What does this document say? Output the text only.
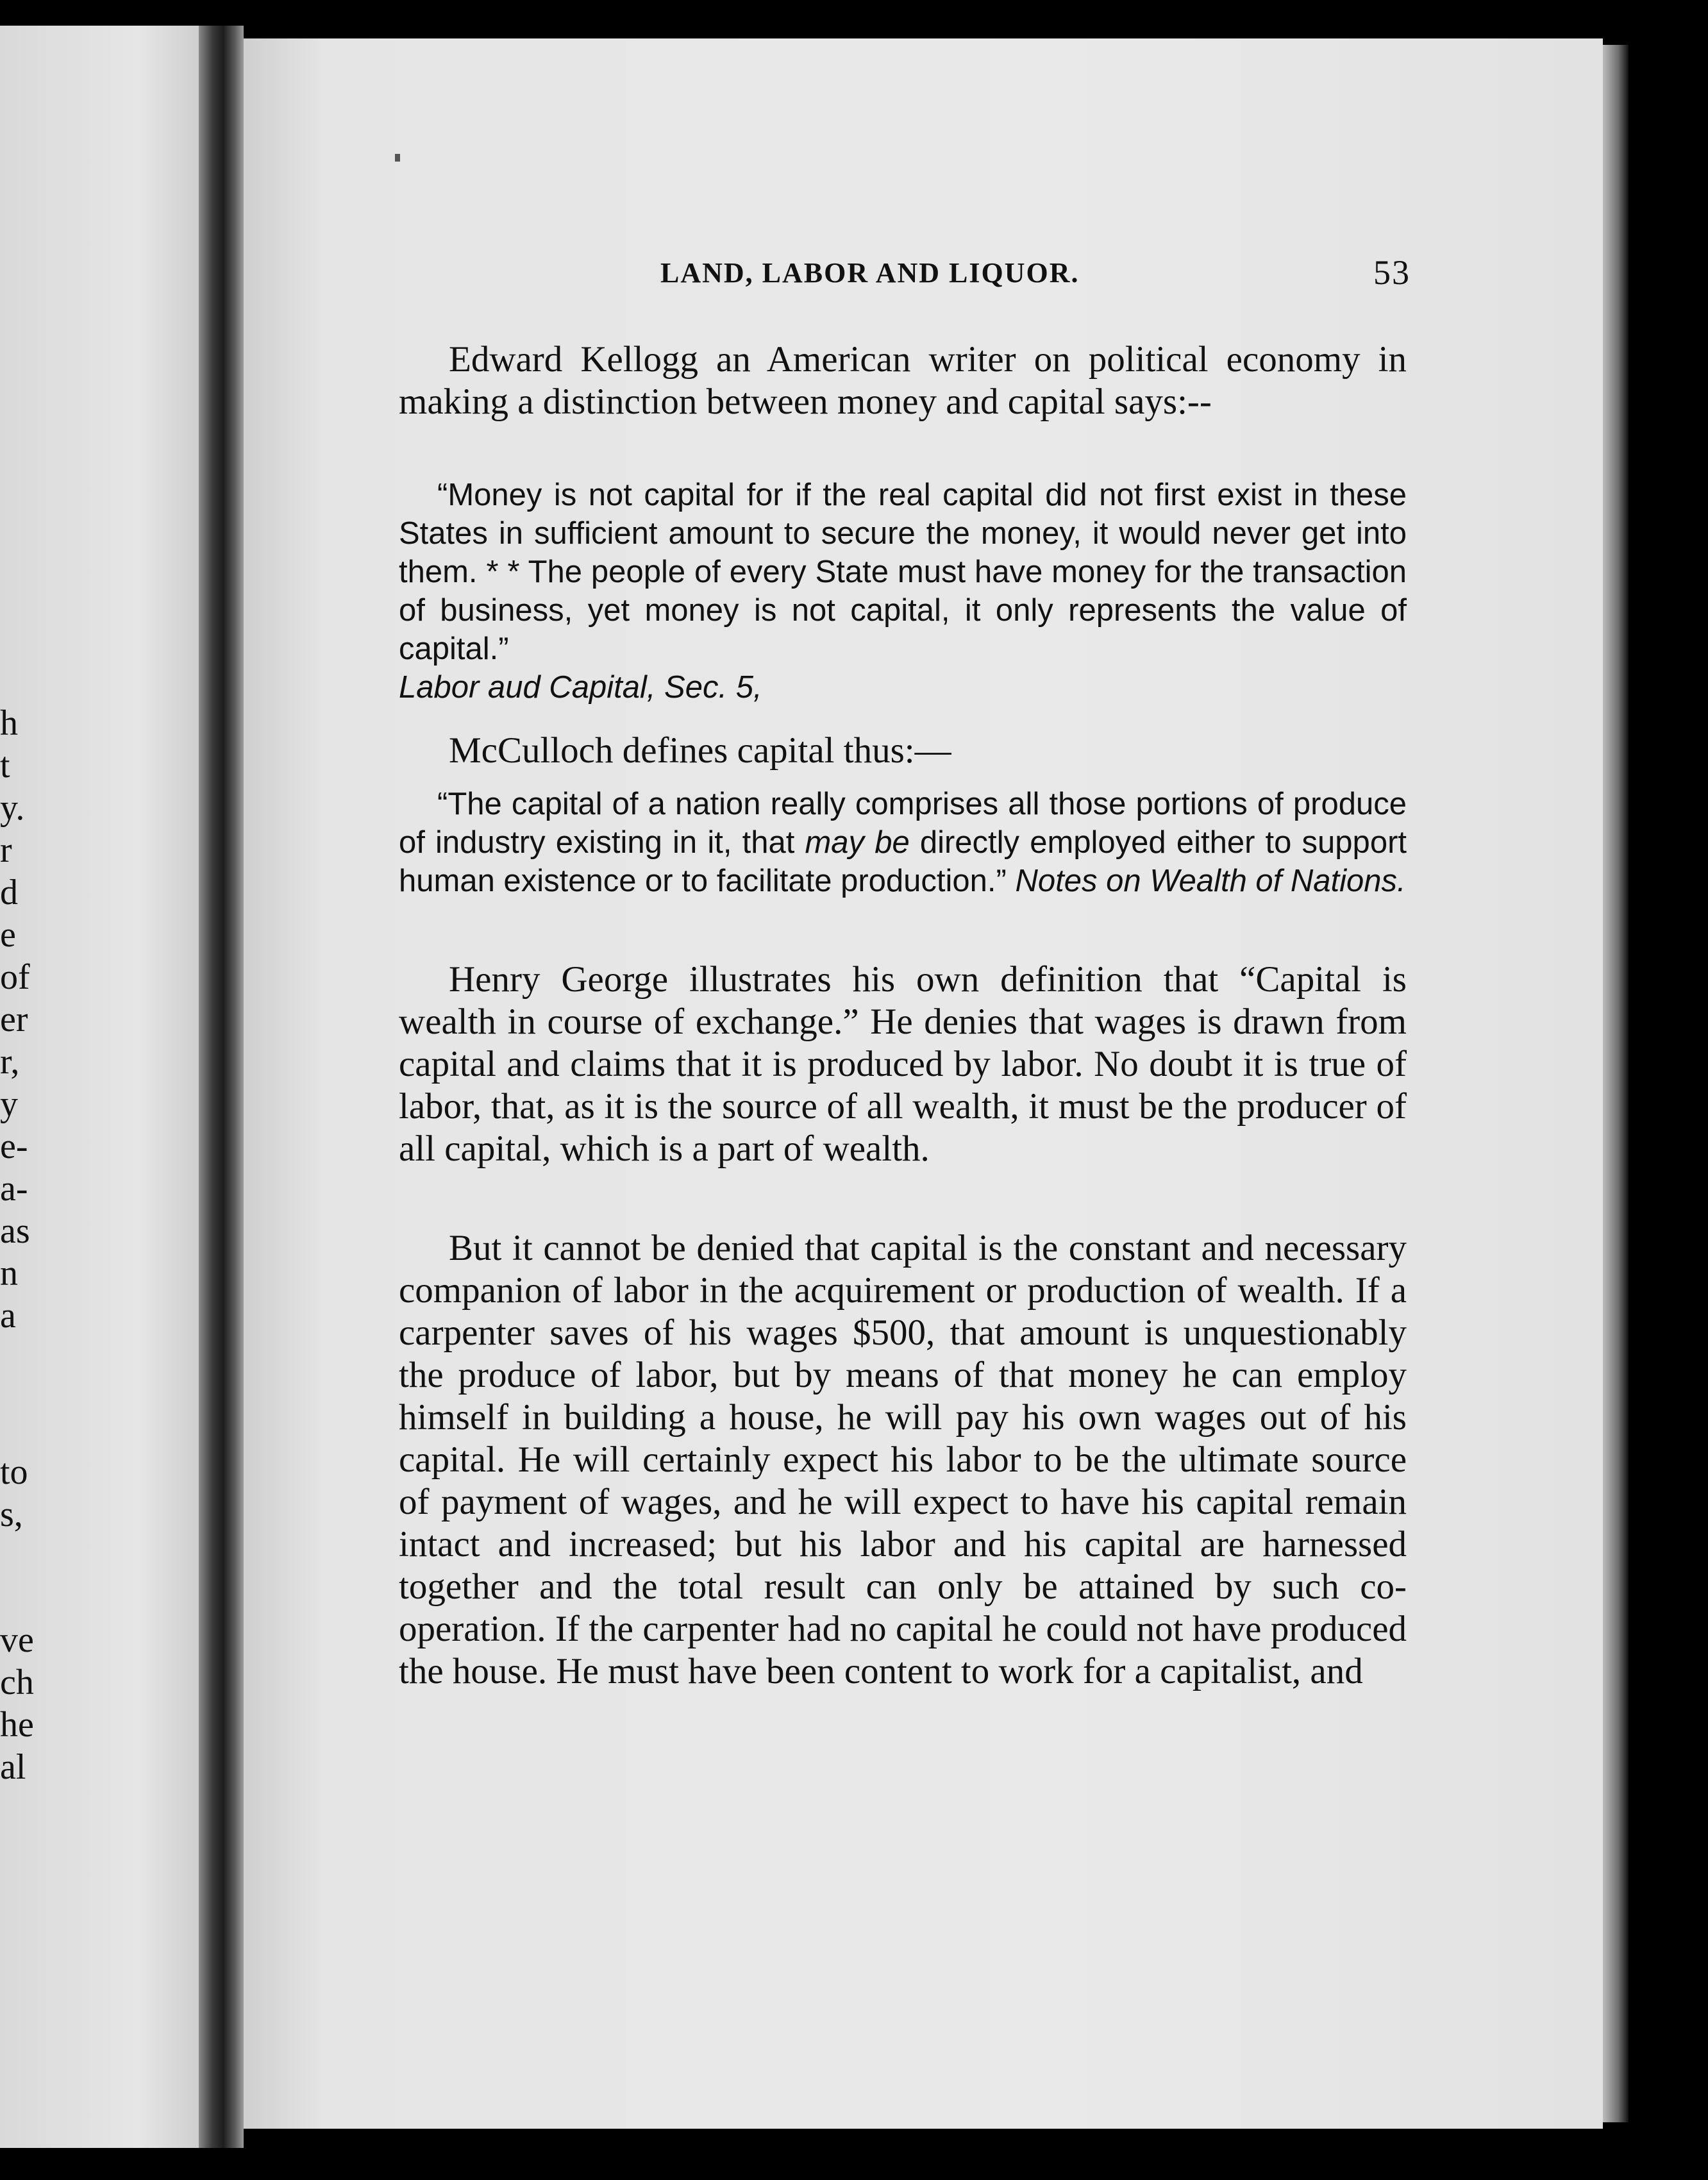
h
t
y.
r
d
e
of
er
r,
y
e-
a-
as
n
a
to
s,
ve
ch
he
al
LAND, LABOR AND LIQUOR.	53

Edward Kellogg an American writer on political economy in making a distinction between money and capital says:--

“Money is not capital for if the real capital did not first exist in these States in sufficient amount to secure the money, it would never get into them. * * The people of every State must have money for the transaction of business, yet money is not capital, it only represents the value of capital.”
Labor aud Capital, Sec. 5,

McCulloch defines capital thus:—

“The capital of a nation really comprises all those portions of produce of industry existing in it, that may be directly employed either to support human existence or to facilitate production.” Notes on Wealth of Nations.

Henry George illustrates his own definition that “Capital is wealth in course of exchange.” He denies that wages is drawn from capital and claims that it is produced by labor. No doubt it is true of labor, that, as it is the source of all wealth, it must be the producer of all capital, which is a part of wealth.

But it cannot be denied that capital is the constant and necessary companion of labor in the acquirement or production of wealth. If a carpenter saves of his wages $500, that amount is unquestionably the produce of labor, but by means of that money he can employ himself in building a house, he will pay his own wages out of his capital. He will certainly expect his labor to be the ultimate source of payment of wages, and he will expect to have his capital remain intact and increased; but his labor and his capital are harnessed together and the total result can only be attained by such co-operation. If the carpenter had no capital he could not have produced the house. He must have been content to work for a capitalist, and
